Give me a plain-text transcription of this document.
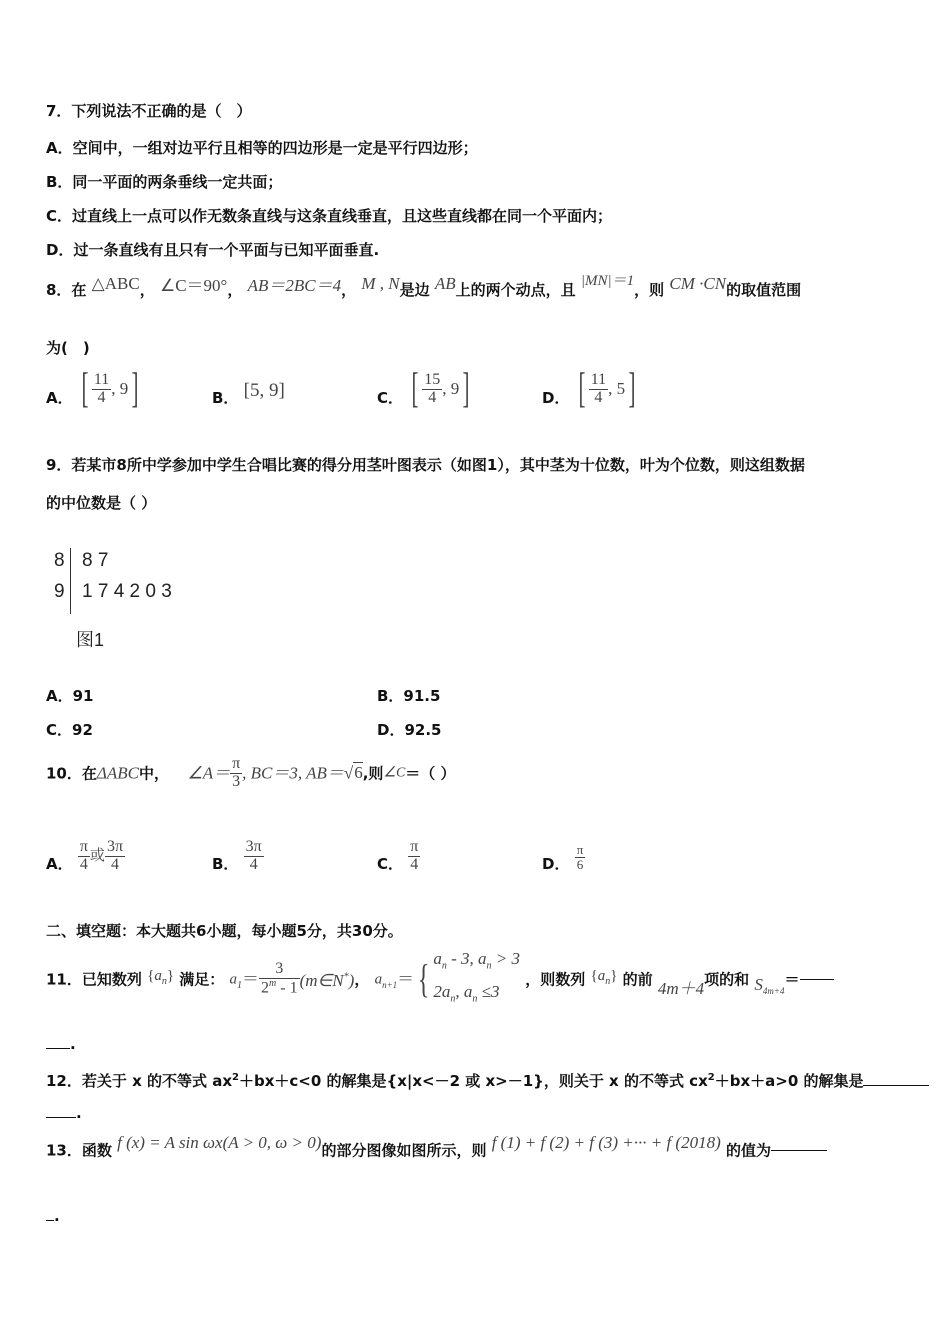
7．下列说法不正确的是（　）
A．空间中，一组对边平行且相等的四边形是一定是平行四边形；
B．同一平面的两条垂线一定共面；
C．过直线上一点可以作无数条直线与这条直线垂直，且这些直线都在同一个平面内；
D．过一条直线有且只有一个平面与已知平面垂直.
8．在 △ABC， ∠C＝90°， AB＝2BC＝4， M , N是边 AB上的两个动点，且 |MN|＝1，则 CM ·CN的取值范围
为(　)
A． [ $\frac{11}{4}$ , 9]	B． [5, 9]	C． [ $\frac{15}{4}$ , 9]	D． [ $\frac{11}{4}$ , 5]
9．若某市8所中学参加中学生合唱比赛的得分用茎叶图表示（如图1），其中茎为十位数，叶为个位数，则这组数据
的中位数是（ ）
8 8 7
9 1 7 4 2 0 3
图1
A．91	B．91.5
C．92	D．92.5
10．在ΔABC中， ∠A＝ $\frac{\pi}{3}$ , BC＝3, AB＝√6,则∠C＝（ ）
A． $\frac{\pi}{4}$ 或 $\frac{3\pi}{4}$	B． $\frac{3\pi}{4}$	C． $\frac{\pi}{4}$	D． $\frac{\pi}{6}$
二、填空题：本大题共6小题，每小题5分，共30分。
11．已知数列 $\{a_n\}$ 满足： $a_1= \frac{3}{2^m - 1}$ (m∈N*)， $a_{n+1}=${ $a_n - 3$, $a_n > 3$
$2a_n$, $a_n \le 3$
，则数列 $\{a_n\}$ 的前 4m＋4项的和 $S_{4m+4}=$
.
12．若关于 x 的不等式 $ax^2+bx+c<0$ 的解集是{x|x<－2 或 x>－1}，则关于 x 的不等式 $cx^2+bx+a>0$ 的解集是
.
13．函数 f (x) = A sin ωx(A > 0, ω > 0)的部分图像如图所示，则 f (1) + f (2) + f (3) +··· + f (2018) 的值为
.
